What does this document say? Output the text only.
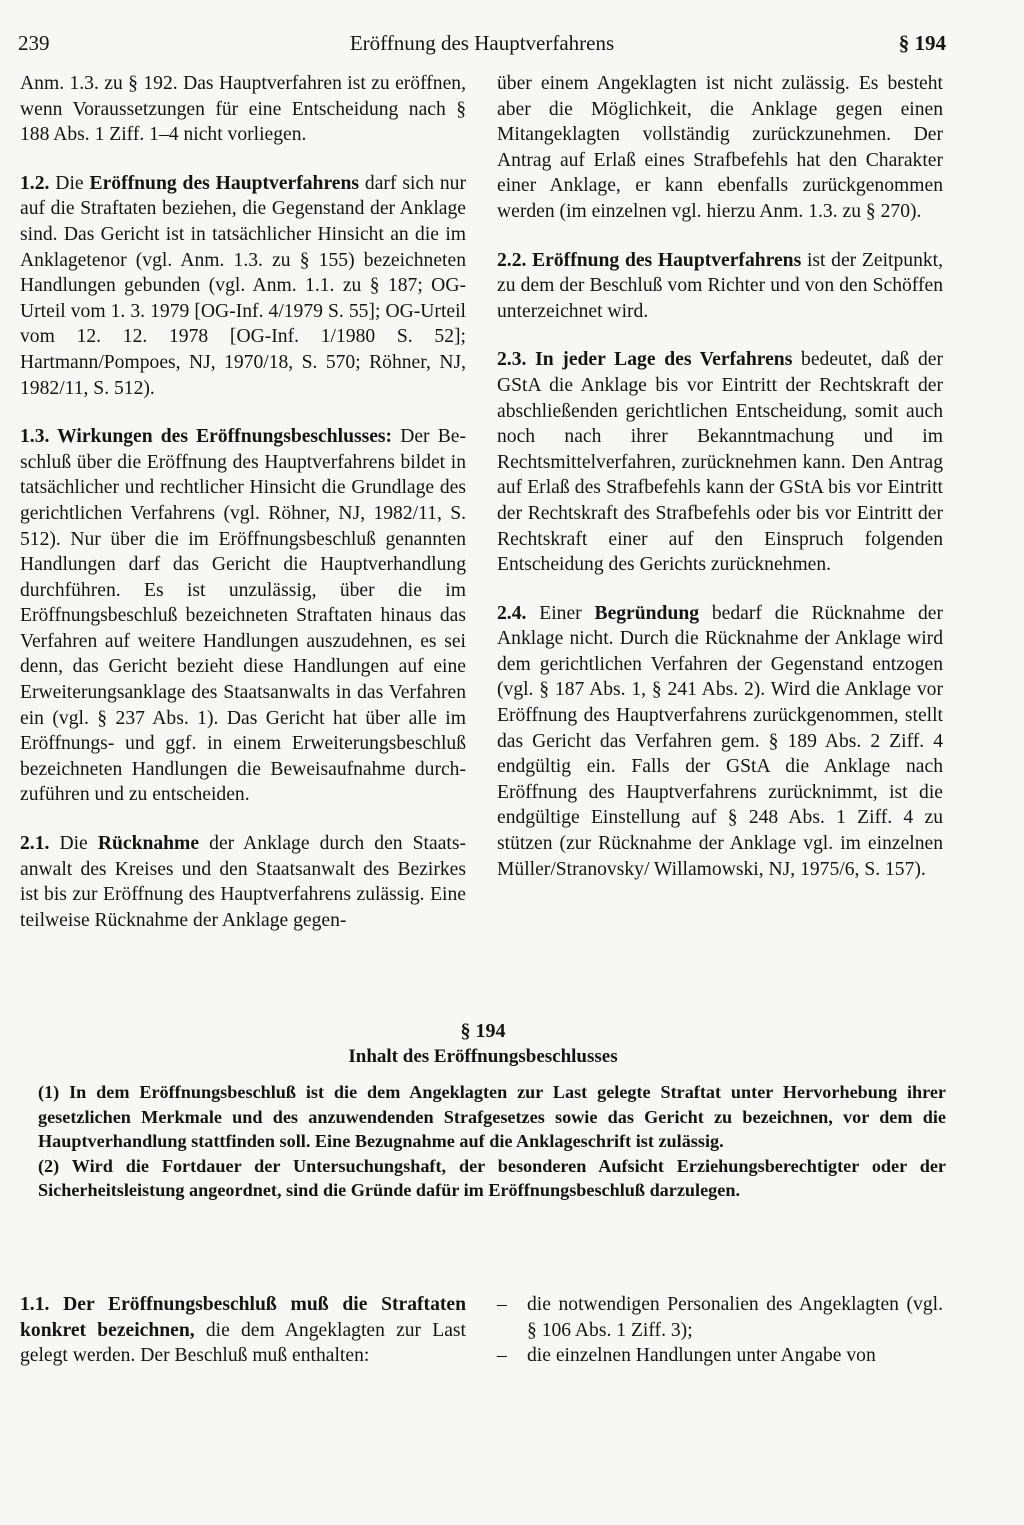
239	Eröffnung des Hauptverfahrens	§ 194

Anm. 1.3. zu § 192. Das Hauptverfahren ist zu eröffnen, wenn Voraussetzungen für eine Entscheidung nach § 188 Abs. 1 Ziff. 1–4 nicht vorliegen.

1.2. Die Eröffnung des Hauptverfahrens darf sich nur auf die Straftaten beziehen, die Gegenstand der Anklage sind. Das Gericht ist in tatsächlicher Hinsicht an die im Anklagetenor (vgl. Anm. 1.3. zu § 155) bezeichneten Handlungen gebunden (vgl. Anm. 1.1. zu § 187; OG-Urteil vom 1. 3. 1979 [OG-Inf. 4/1979 S. 55]; OG-Urteil vom 12. 12. 1978 [OG-Inf. 1/1980 S. 52]; Hartmann/Pompoes, NJ, 1970/18, S. 570; Röhner, NJ, 1982/11, S. 512).

1.3. Wirkungen des Eröffnungsbeschlusses: Der Beschluß über die Eröffnung des Hauptverfahrens bildet in tatsächlicher und rechtlicher Hinsicht die Grundlage des gerichtlichen Verfahrens (vgl. Röhner, NJ, 1982/11, S. 512). Nur über die im Eröffnungsbeschluß genannten Handlungen darf das Gericht die Hauptverhandlung durchführen. Es ist unzulässig, über die im Eröffnungsbeschluß bezeichneten Straftaten hinaus das Verfahren auf weitere Handlungen auszudehnen, es sei denn, das Gericht bezieht diese Handlungen auf eine Erweiterungsanklage des Staatsanwalts in das Verfahren ein (vgl. § 237 Abs. 1). Das Gericht hat über alle im Eröffnungs- und ggf. in einem Erweiterungsbeschluß bezeichneten Handlungen die Beweisaufnahme durchzuführen und zu entscheiden.

2.1. Die Rücknahme der Anklage durch den Staatsanwalt des Kreises und den Staatsanwalt des Bezirkes ist bis zur Eröffnung des Hauptverfahrens zulässig. Eine teilweise Rücknahme der Anklage gegen-

über einem Angeklagten ist nicht zulässig. Es besteht aber die Möglichkeit, die Anklage gegen einen Mitangeklagten vollständig zurückzunehmen. Der Antrag auf Erlaß eines Strafbefehls hat den Charakter einer Anklage, er kann ebenfalls zurückgenommen werden (im einzelnen vgl. hierzu Anm. 1.3. zu § 270).

2.2. Eröffnung des Hauptverfahrens ist der Zeitpunkt, zu dem der Beschluß vom Richter und von den Schöffen unterzeichnet wird.

2.3. In jeder Lage des Verfahrens bedeutet, daß der GStA die Anklage bis vor Eintritt der Rechtskraft der abschließenden gerichtlichen Entscheidung, somit auch noch nach ihrer Bekanntmachung und im Rechtsmittelverfahren, zurücknehmen kann. Den Antrag auf Erlaß des Strafbefehls kann der GStA bis vor Eintritt der Rechtskraft des Strafbefehls oder bis vor Eintritt der Rechtskraft einer auf den Einspruch folgenden Entscheidung des Gerichts zurücknehmen.

2.4. Einer Begründung bedarf die Rücknahme der Anklage nicht. Durch die Rücknahme der Anklage wird dem gerichtlichen Verfahren der Gegenstand entzogen (vgl. § 187 Abs. 1, § 241 Abs. 2). Wird die Anklage vor Eröffnung des Hauptverfahrens zurückgenommen, stellt das Gericht das Verfahren gem. § 189 Abs. 2 Ziff. 4 endgültig ein. Falls der GStA die Anklage nach Eröffnung des Hauptverfahrens zurücknimmt, ist die endgültige Einstellung auf § 248 Abs. 1 Ziff. 4 zu stützen (zur Rücknahme der Anklage vgl. im einzelnen Müller/Stranovsky/ Willamowski, NJ, 1975/6, S. 157).

§ 194
Inhalt des Eröffnungsbeschlusses

(1) In dem Eröffnungsbeschluß ist die dem Angeklagten zur Last gelegte Straftat unter Hervorhebung ihrer gesetzlichen Merkmale und des anzuwendenden Strafgesetzes sowie das Gericht zu bezeichnen, vor dem die Hauptverhandlung stattfinden soll. Eine Bezugnahme auf die Anklageschrift ist zulässig.

(2) Wird die Fortdauer der Untersuchungshaft, der besonderen Aufsicht Erziehungsberechtigter oder der Sicherheitsleistung angeordnet, sind die Gründe dafür im Eröffnungsbeschluß darzulegen.

1.1. Der Eröffnungsbeschluß muß die Straftaten konkret bezeichnen, die dem Angeklagten zur Last gelegt werden. Der Beschluß muß enthalten:
– die notwendigen Personalien des Angeklagten (vgl. § 106 Abs. 1 Ziff. 3);
– die einzelnen Handlungen unter Angabe von
